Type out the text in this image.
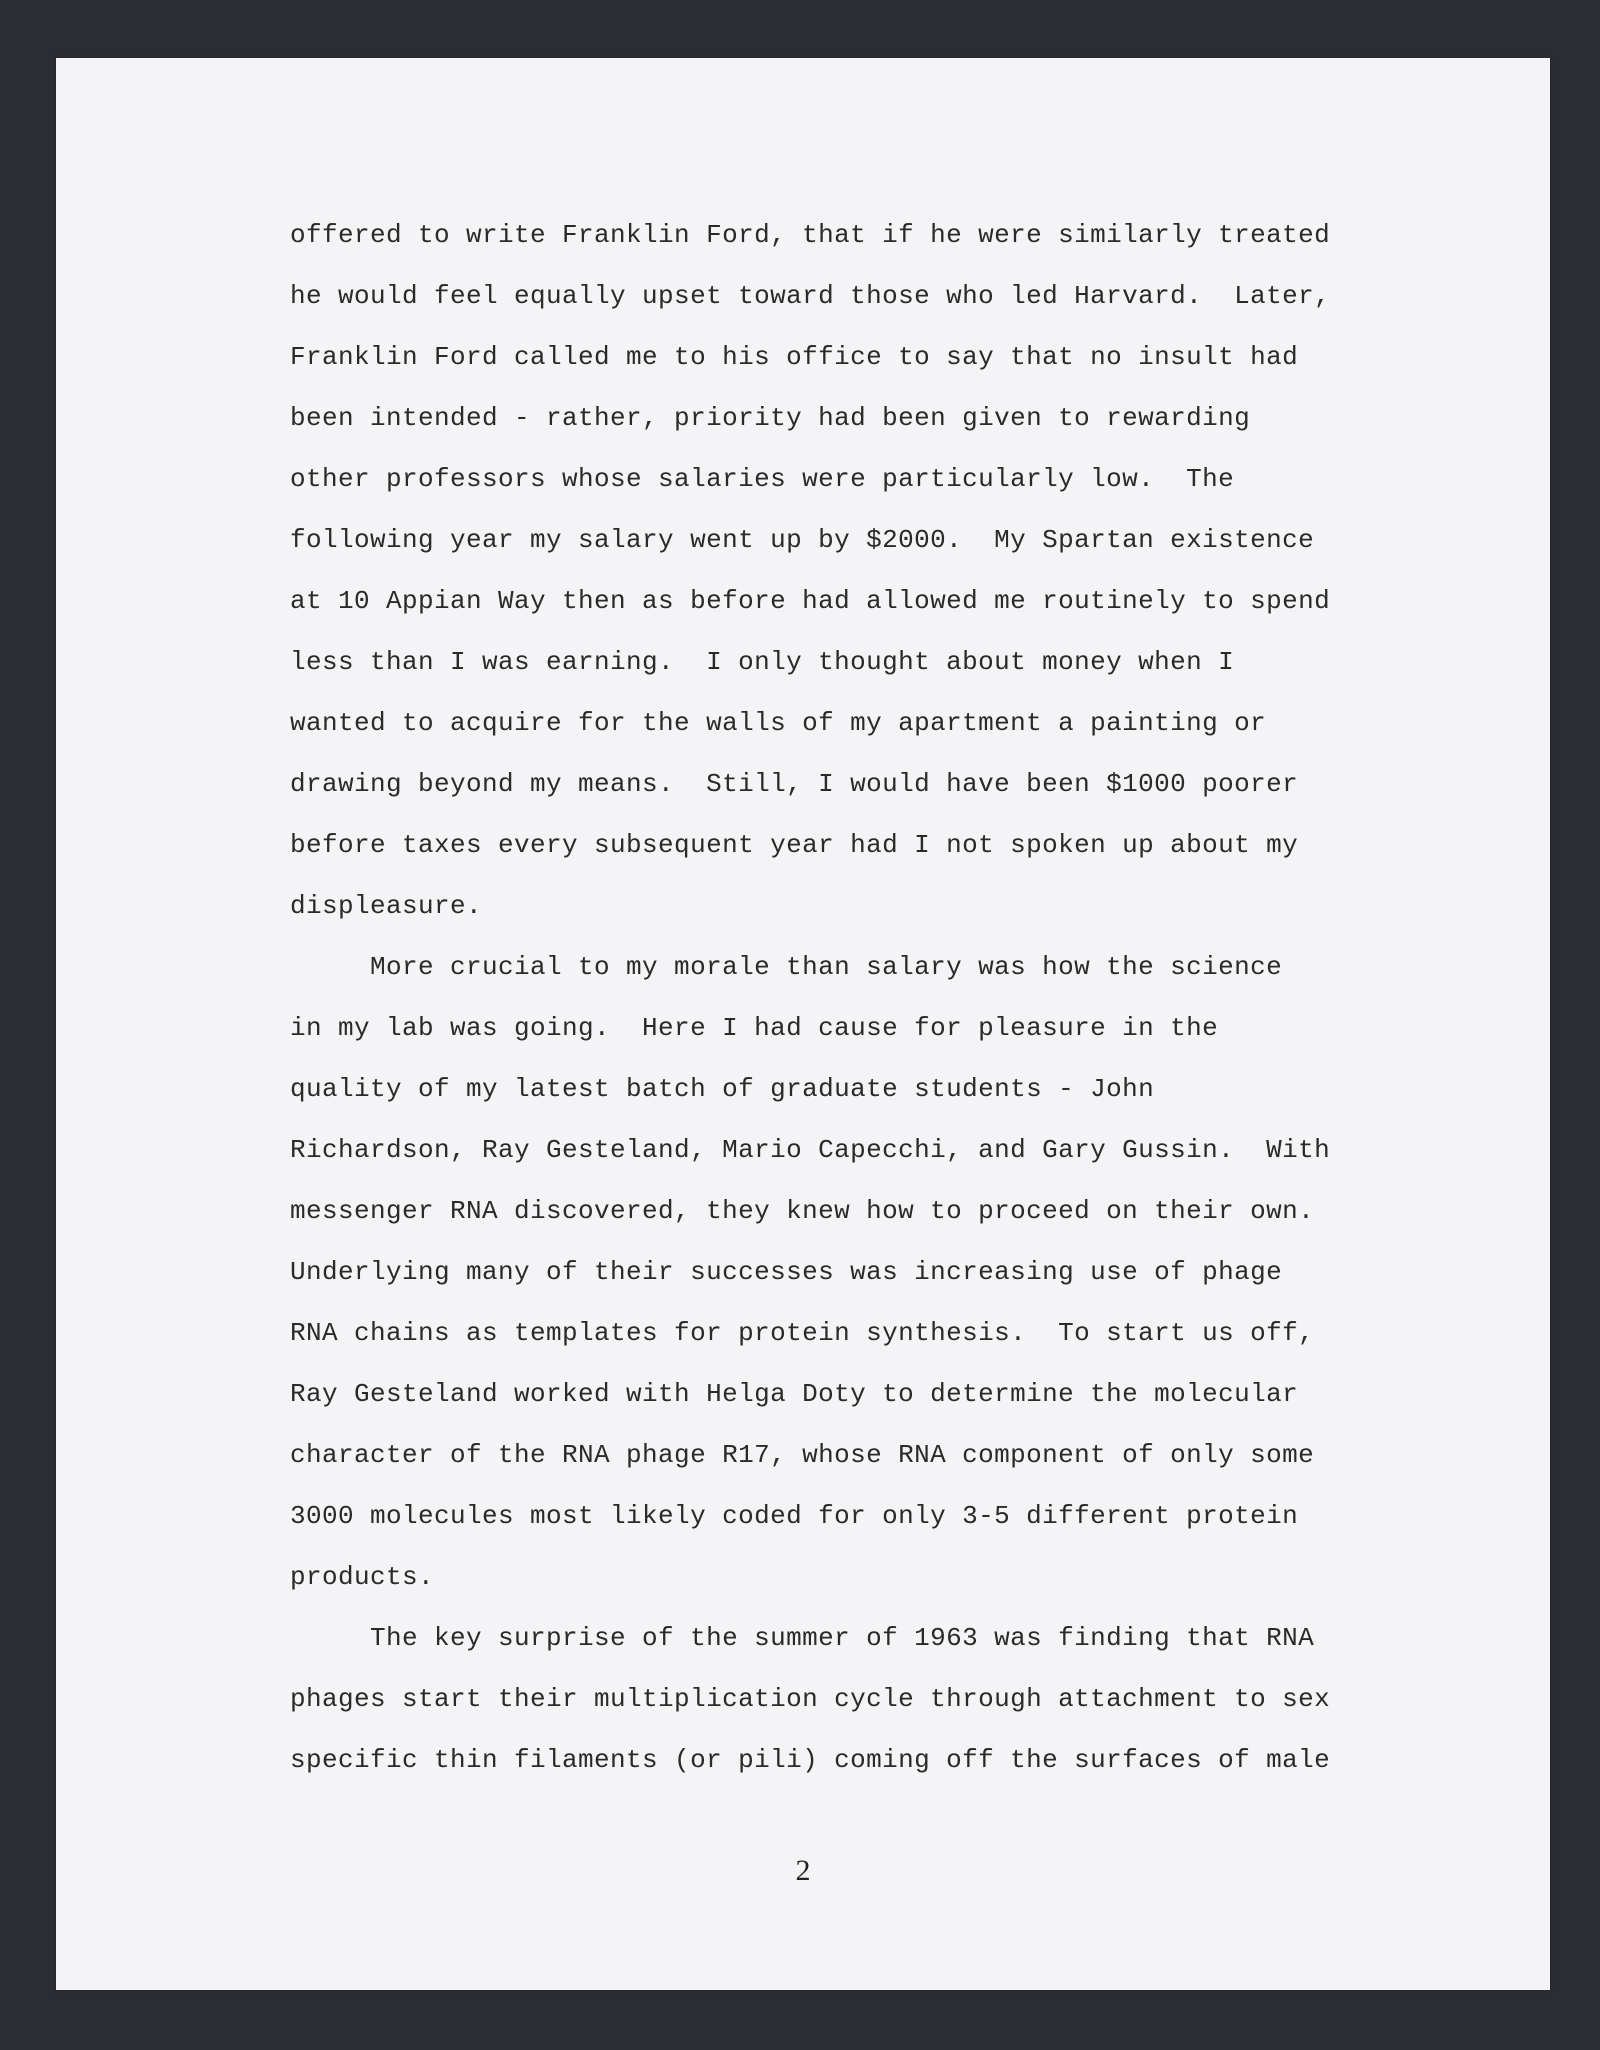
offered to write Franklin Ford, that if he were similarly treated
he would feel equally upset toward those who led Harvard.  Later,
Franklin Ford called me to his office to say that no insult had
been intended - rather, priority had been given to rewarding
other professors whose salaries were particularly low.  The
following year my salary went up by $2000.  My Spartan existence
at 10 Appian Way then as before had allowed me routinely to spend
less than I was earning.  I only thought about money when I
wanted to acquire for the walls of my apartment a painting or
drawing beyond my means.  Still, I would have been $1000 poorer
before taxes every subsequent year had I not spoken up about my
displeasure.
More crucial to my morale than salary was how the science
in my lab was going.  Here I had cause for pleasure in the
quality of my latest batch of graduate students - John
Richardson, Ray Gesteland, Mario Capecchi, and Gary Gussin.  With
messenger RNA discovered, they knew how to proceed on their own.
Underlying many of their successes was increasing use of phage
RNA chains as templates for protein synthesis.  To start us off,
Ray Gesteland worked with Helga Doty to determine the molecular
character of the RNA phage R17, whose RNA component of only some
3000 molecules most likely coded for only 3-5 different protein
products.
The key surprise of the summer of 1963 was finding that RNA
phages start their multiplication cycle through attachment to sex
specific thin filaments (or pili) coming off the surfaces of male
2
